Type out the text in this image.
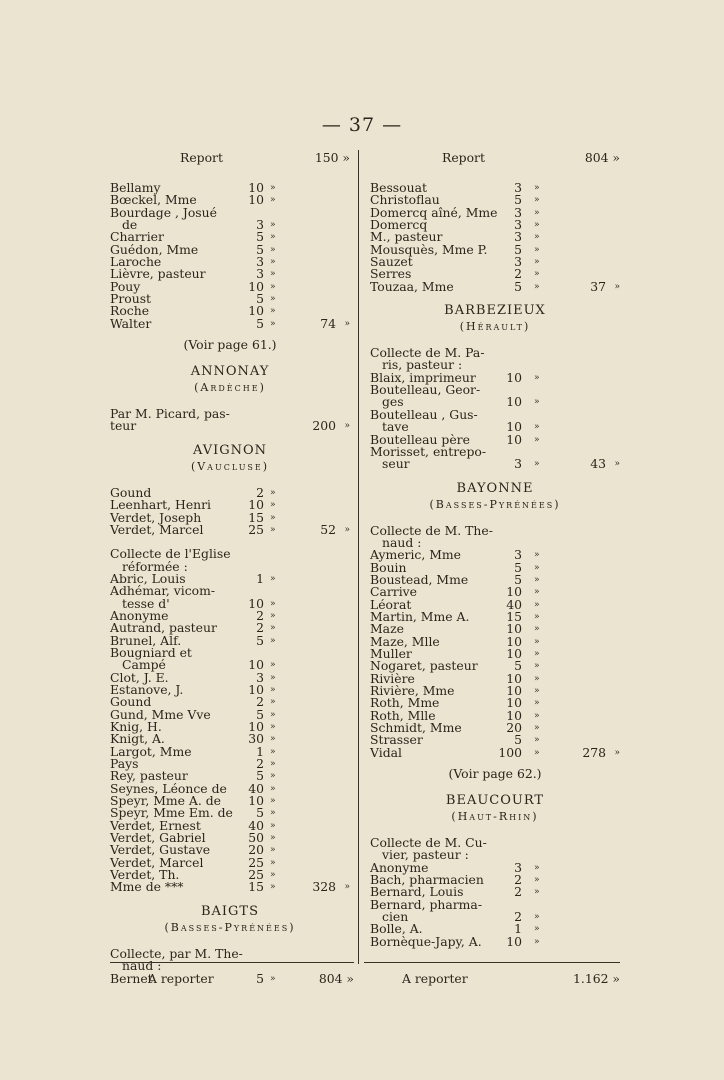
— 37 —
Report	150 »
Bellamy	10 »
Bœckel, Mme	10 »
Bourdage , Josué
de	3 »
Charrier	5 »
Guédon, Mme	5 »
Laroche	3 »
Lièvre, pasteur	3 »
Pouy	10 »
Proust	5 »
Roche	10 »
Walter	5 »	74 »
(Voir page 61.)
ANNONAY
(Ardèche)
Par M. Picard, pas-
teur	200 »
AVIGNON
(Vaucluse)
Gound	2 »
Leenhart, Henri	10 »
Verdet, Joseph	15 »
Verdet, Marcel	25 »	52 »
Collecte de l'Eglise
réformée :
Abric, Louis	1 »
Adhémar, vicom-
tesse d'	10 »
Anonyme	2 »
Autrand, pasteur	2 »
Brunel, Alf.	5 »
Bougniard et
Campé	10 »
Clot, J. E.	3 »
Estanove, J.	10 »
Gound	2 »
Gund, Mme Vve	5 »
Knig, H.	10 »
Knigt, A.	30 »
Largot, Mme	1 »
Pays	2 »
Rey, pasteur	5 »
Seynes, Léonce de	40 »
Speyr, Mme A. de	10 »
Speyr, Mme Em. de	5 »
Verdet, Ernest	40 »
Verdet, Gabriel	50 »
Verdet, Gustave	20 »
Verdet, Marcel	25 »
Verdet, Th.	25 »
Mme de ***	15 »	328 »
BAIGTS
(Basses-Pyrénées)
Collecte, par M. The-
naud :
Bernet	5 »
Report	804 »
Bessouat	3 »
Christoflau	5 »
Domercq aîné, Mme	3 »
Domercq	3 »
M., pasteur	3 »
Mousquès, Mme P.	5 »
Sauzet	3 »
Serres	2 »
Touzaa, Mme	5 »	37 »
BARBEZIEUX
(Hérault)
Collecte de M. Pa-
ris, pasteur :
Blaix, imprimeur	10 »
Boutelleau, Geor-
ges	10 »
Boutelleau , Gus-
tave	10 »
Boutelleau père	10 »
Morisset, entrepo-
seur	3 »	43 »
BAYONNE
(Basses-Pyrénées)
Collecte de M. The-
naud :
Aymeric, Mme	3 »
Bouin	5 »
Boustead, Mme	5 »
Carrive	10 »
Léorat	40 »
Martin, Mme A.	15 »
Maze	10 »
Maze, Mlle	10 »
Muller	10 »
Nogaret, pasteur	5 »
Rivière	10 »
Rivière, Mme	10 »
Roth, Mme	10 »
Roth, Mlle	10 »
Schmidt, Mme	20 »
Strasser	5 »
Vidal	100 »	278 »
(Voir page 62.)
BEAUCOURT
(Haut-Rhin)
Collecte de M. Cu-
vier, pasteur :
Anonyme	3 »
Bach, pharmacien	2 »
Bernard, Louis	2 »
Bernard, pharma-
cien	2 »
Bolle, A.	1 »
Bornèque-Japy, A.	10 »
A reporter	804 »	A reporter	1.162 »
